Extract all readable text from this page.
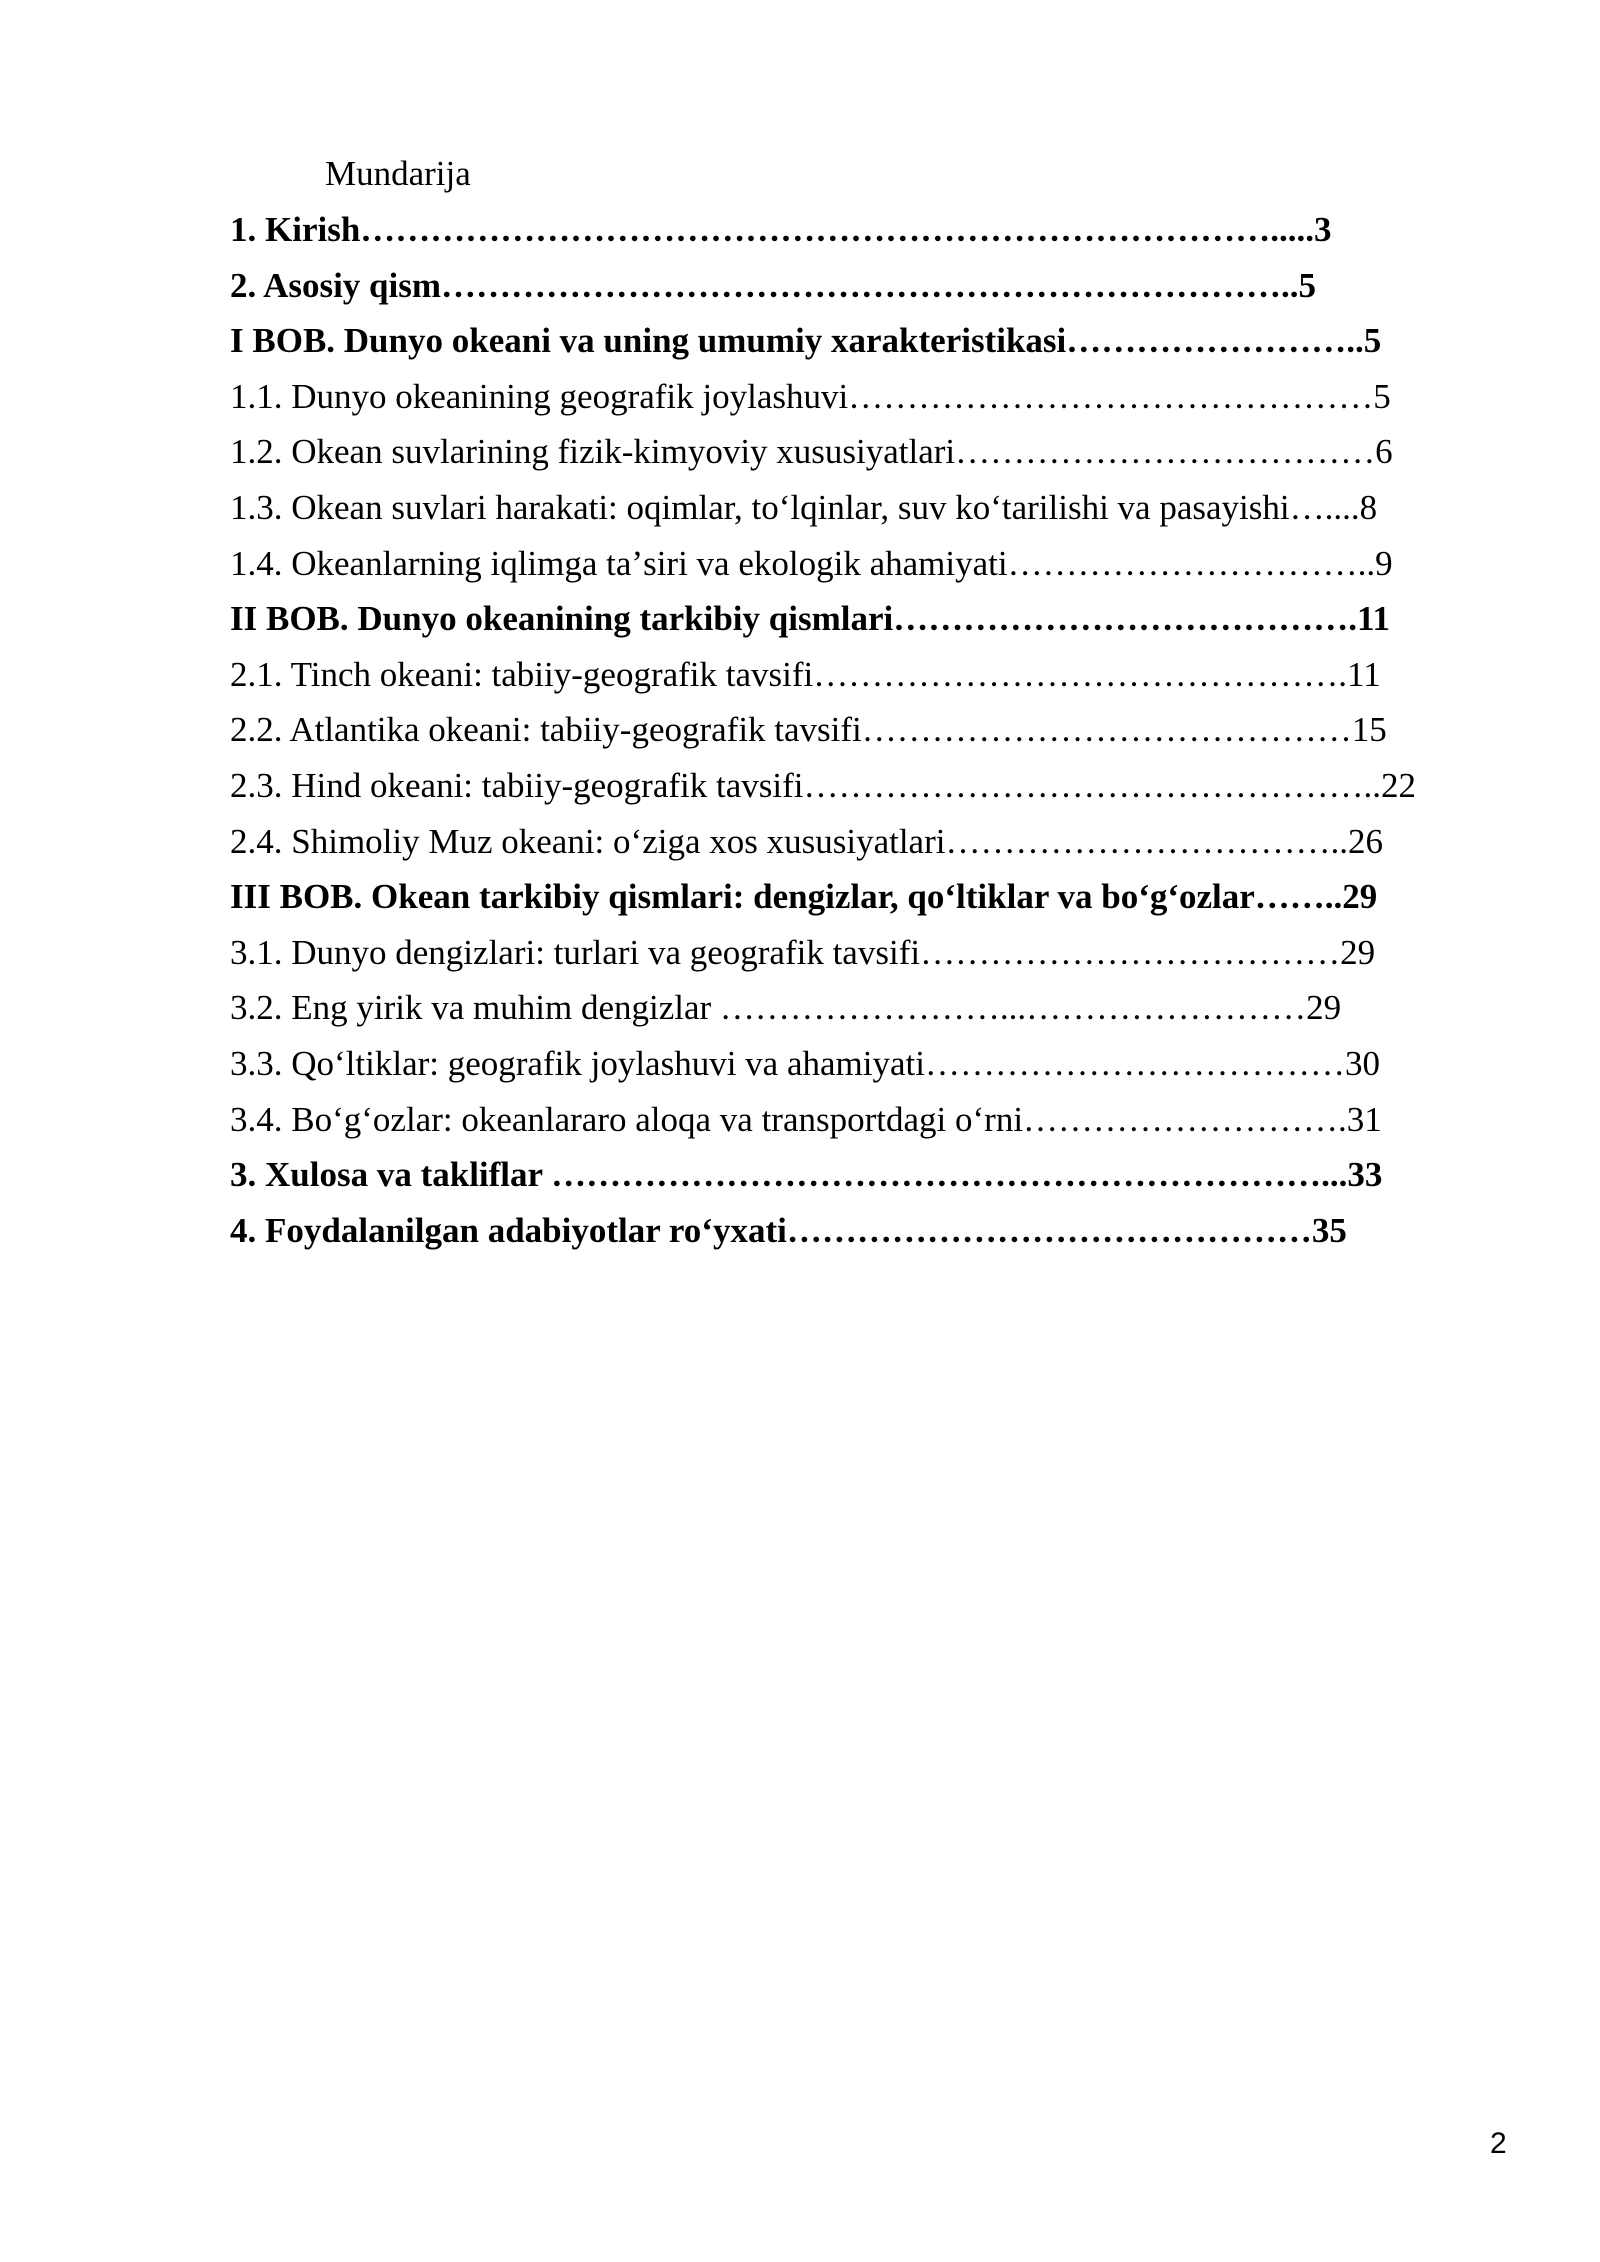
Mundarija
1. Kirish…………………………………………………………………….....3
2. Asosiy qism………………………………………………………………..5
I BOB. Dunyo okeani va uning umumiy xarakteristikasi……………………..5
1.1. Dunyo okeanining geografik joylashuvi………………………………………5
1.2. Okean suvlarining fizik-kimyoviy xususiyatlari………………………………6
1.3. Okean suvlari harakati: oqimlar, toʻlqinlar, suv koʻtarilishi va pasayishi…....8
1.4. Okeanlarning iqlimga taʼsiri va ekologik ahamiyati…………………………..9
II BOB. Dunyo okeanining tarkibiy qismlari………………………………….11
2.1. Tinch okeani: tabiiy-geografik tavsifi……………………………………….11
2.2. Atlantika okeani: tabiiy-geografik tavsifi……………………………………15
2.3. Hind okeani: tabiiy-geografik tavsifi…………………………………………..22
2.4. Shimoliy Muz okeani: oʻziga xos xususiyatlari……………………………..26
III BOB. Okean tarkibiy qismlari: dengizlar, qoʻltiklar va boʻgʻozlar……..29
3.1. Dunyo dengizlari: turlari va geografik tavsifi………………………………29
3.2. Eng yirik va muhim dengizlar ……………………...……………………29
3.3. Qoʻltiklar: geografik joylashuvi va ahamiyati………………………………30
3.4. Boʻgʻozlar: okeanlararo aloqa va transportdagi oʻrni……………………….31
3. Xulosa va takliflar …………………………………………………………...33
4. Foydalanilgan adabiyotlar roʻyxati………………………………………35
2
